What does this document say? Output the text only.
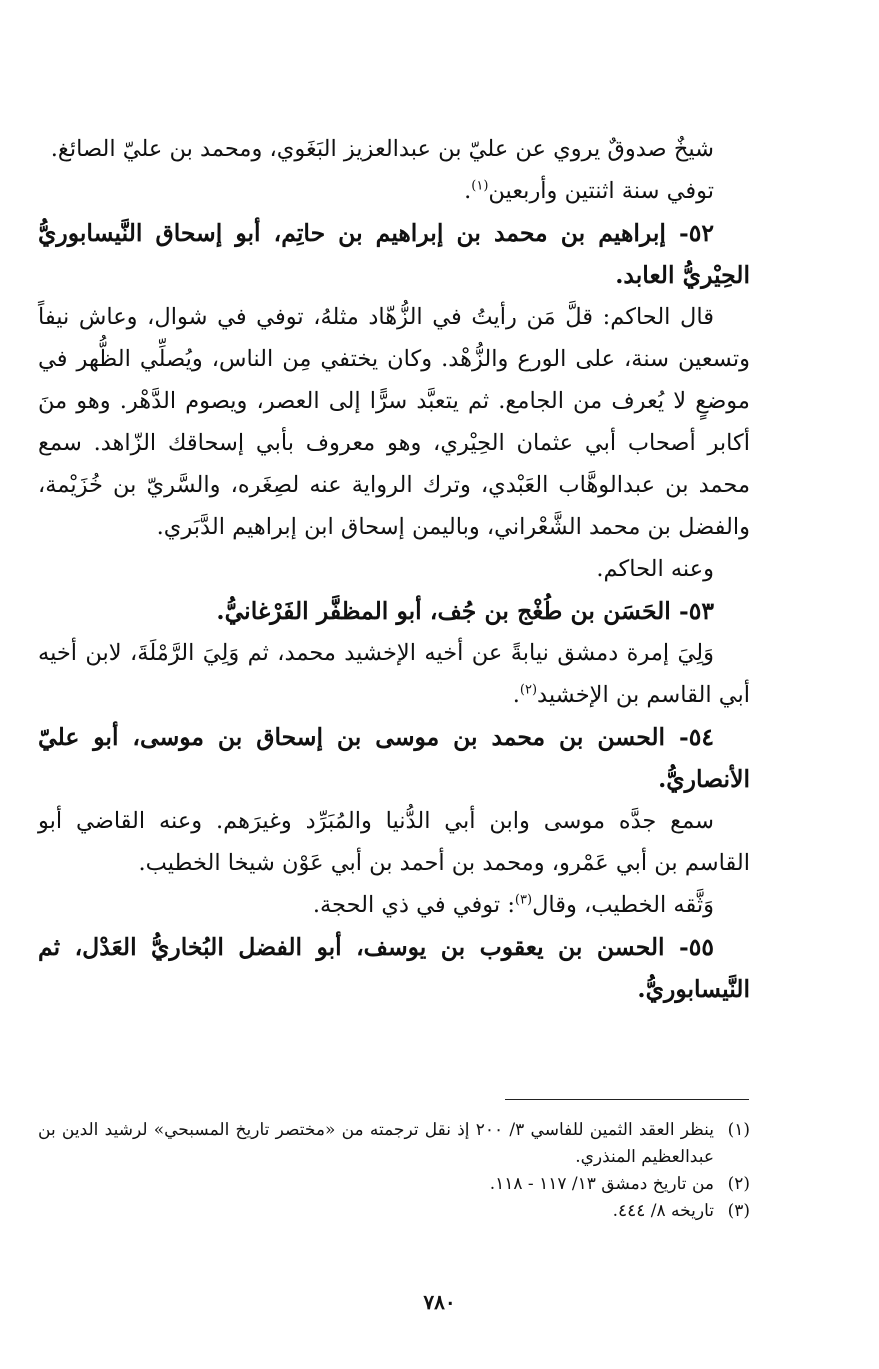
شيخٌ صدوقٌ يروي عن عليّ بن عبدالعزيز البَغَوي، ومحمد بن عليّ الصائغ.

توفي سنة اثنتين وأربعين$^{(١)}$.

٥٢- إبراهيم بن محمد بن إبراهيم بن حاتِم، أبو إسحاق النَّيسابوريُّ الحِيْريُّ العابد.

قال الحاكم: قلَّ مَن رأيتُ في الزُّهّاد مثلهُ، توفي في شوال، وعاش نيفاً وتسعين سنة، على الورع والزُّهْد. وكان يختفي مِن الناس، ويُصلِّي الظُّهر في موضعٍ لا يُعرف من الجامع. ثم يتعبَّد سرًّا إلى العصر، ويصوم الدَّهْر. وهو منَ أكابر أصحاب أبي عثمان الحِيْري، وهو معروف بأبي إسحاقك الزّاهد. سمع محمد بن عبدالوهَّاب العَبْدي، وترك الرواية عنه لصِغَره، والسَّريّ بن خُزَيْمة، والفضل بن محمد الشَّعْراني، وباليمن إسحاق ابن إبراهيم الدَّبَري.

وعنه الحاكم.

٥٣- الحَسَن بن طُغْج بن جُف، أبو المظفَّر الفَرْغانيُّ.

وَلِيَ إمرة دمشق نيابةً عن أخيه الإخشيد محمد، ثم وَلِيَ الرَّمْلَةَ، لابن أخيه أبي القاسم بن الإخشيد$^{(٢)}$.

٥٤- الحسن بن محمد بن موسى بن إسحاق بن موسى، أبو عليّ الأنصاريُّ.

سمع جدَّه موسى وابن أبي الدُّنيا والمُبَرِّد وغيرَهم. وعنه القاضي أبو القاسم بن أبي عَمْرو، ومحمد بن أحمد بن أبي عَوْن شيخا الخطيب.

وَثَّقه الخطيب، وقال$^{(٣)}$: توفي في ذي الحجة.

٥٥- الحسن بن يعقوب بن يوسف، أبو الفضل البُخاريُّ العَدْل، ثم النَّيسابوريُّ.

(١)
ينظر العقد الثمين للفاسي ٣/ ٢٠٠ إذ نقل ترجمته من «مختصر تاريخ المسبحي» لرشيد الدين بن عبدالعظيم المنذري.
(٢)
من تاريخ دمشق ١٣/ ١١٧ - ١١٨.
(٣)
تاريخه ٨/ ٤٤٤.
٧٨٠
